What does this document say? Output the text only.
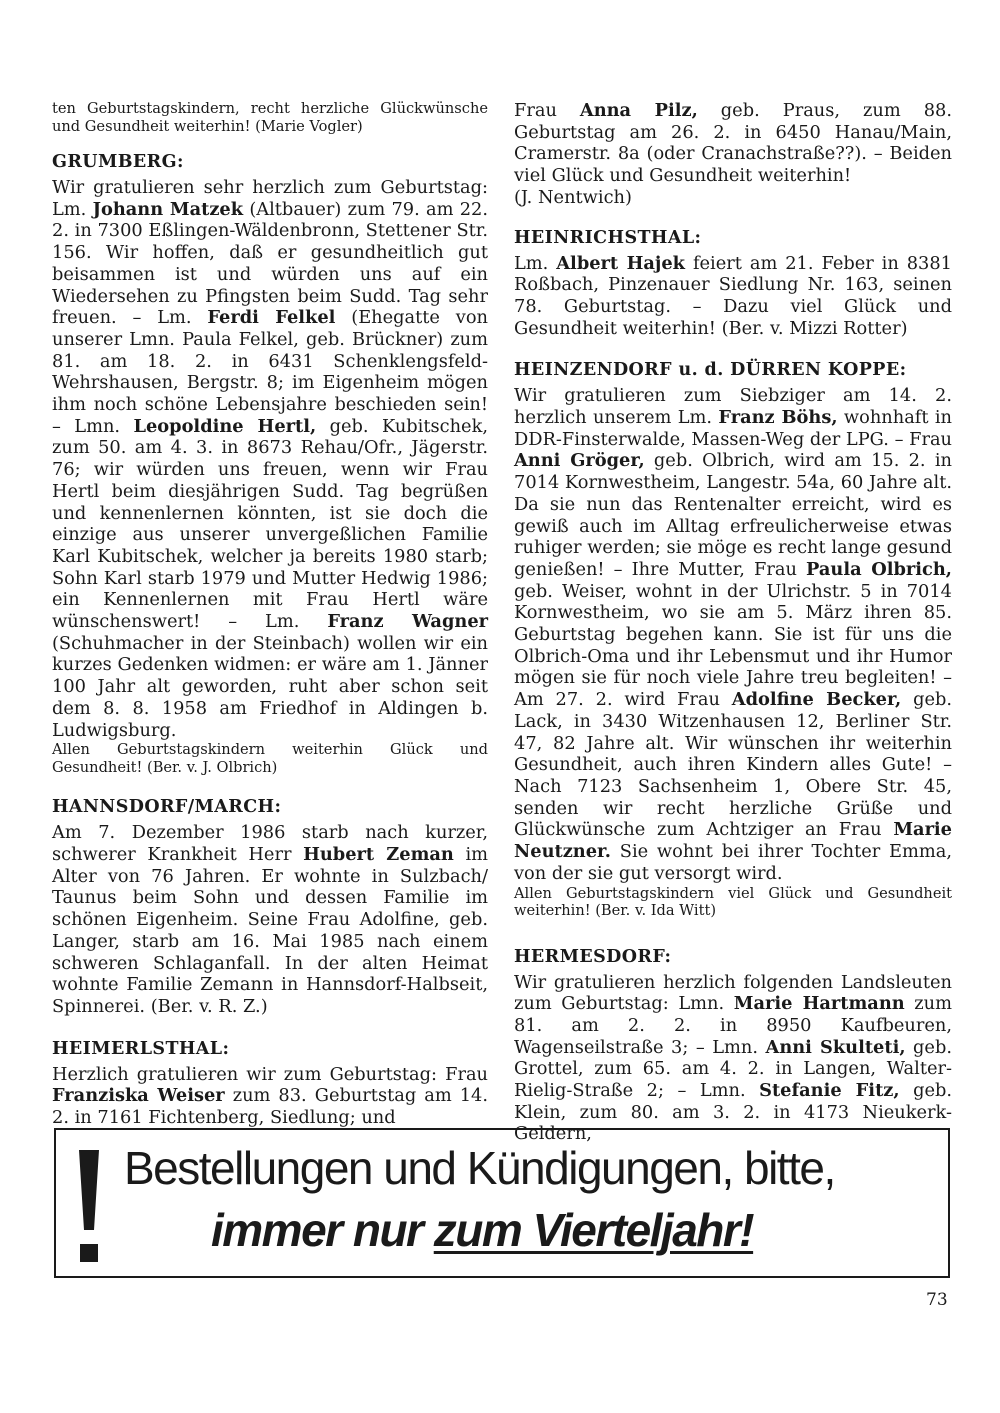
ten Geburtstagskindern, recht herzliche Glückwünsche und Gesundheit weiterhin! (Marie Vogler)

GRUMBERG:

Wir gratulieren sehr herzlich zum Geburtstag: Lm. Johann Matzek (Altbauer) zum 79. am 22. 2. in 7300 Eßlingen-Wäldenbronn, Stettener Str. 156. Wir hoffen, daß er gesundheitlich gut beisammen ist und würden uns auf ein Wiedersehen zu Pfingsten beim Sudd. Tag sehr freuen. – Lm. Ferdi Felkel (Ehegatte von unserer Lmn. Paula Felkel, geb. Brückner) zum 81. am 18. 2. in 6431 Schenklengsfeld-Wehrshausen, Bergstr. 8; im Eigenheim mögen ihm noch schöne Lebensjahre beschieden sein! – Lmn. Leopoldine Hertl, geb. Kubitschek, zum 50. am 4. 3. in 8673 Rehau/Ofr., Jägerstr. 76; wir würden uns freuen, wenn wir Frau Hertl beim diesjährigen Sudd. Tag begrüßen und kennenlernen könnten, ist sie doch die einzige aus unserer unvergeßlichen Familie Karl Kubitschek, welcher ja bereits 1980 starb; Sohn Karl starb 1979 und Mutter Hedwig 1986; ein Kennenlernen mit Frau Hertl wäre wünschenswert! – Lm. Franz Wagner (Schuhmacher in der Steinbach) wollen wir ein kurzes Gedenken widmen: er wäre am 1. Jänner 100 Jahr alt geworden, ruht aber schon seit dem 8. 8. 1958 am Friedhof in Aldingen b. Ludwigsburg.

Allen Geburtstagskindern weiterhin Glück und Gesundheit! (Ber. v. J. Olbrich)

HANNSDORF/MARCH:

Am 7. Dezember 1986 starb nach kurzer, schwerer Krankheit Herr Hubert Zeman im Alter von 76 Jahren. Er wohnte in Sulzbach/ Taunus beim Sohn und dessen Familie im schönen Eigenheim. Seine Frau Adolfine, geb. Langer, starb am 16. Mai 1985 nach einem schweren Schlaganfall. In der alten Heimat wohnte Familie Zemann in Hannsdorf-Halbseit, Spinnerei. (Ber. v. R. Z.)

HEIMERLSTHAL:

Herzlich gratulieren wir zum Geburtstag: Frau Franziska Weiser zum 83. Geburtstag am 14. 2. in 7161 Fichtenberg, Siedlung; und

Frau Anna Pilz, geb. Praus, zum 88. Geburtstag am 26. 2. in 6450 Hanau/Main, Cramerstr. 8a (oder Cranachstraße??). – Beiden viel Glück und Gesundheit weiterhin!

(J. Nentwich)

HEINRICHSTHAL:

Lm. Albert Hajek feiert am 21. Feber in 8381 Roßbach, Pinzenauer Siedlung Nr. 163, seinen 78. Geburtstag. – Dazu viel Glück und Gesundheit weiterhin! (Ber. v. Mizzi Rotter)

HEINZENDORF u. d. DÜRREN KOPPE:

Wir gratulieren zum Siebziger am 14. 2. herzlich unserem Lm. Franz Böhs, wohnhaft in DDR-Finsterwalde, Massen-Weg der LPG. – Frau Anni Gröger, geb. Olbrich, wird am 15. 2. in 7014 Kornwestheim, Langestr. 54a, 60 Jahre alt. Da sie nun das Rentenalter erreicht, wird es gewiß auch im Alltag erfreulicherweise etwas ruhiger werden; sie möge es recht lange gesund genießen! – Ihre Mutter, Frau Paula Olbrich, geb. Weiser, wohnt in der Ulrichstr. 5 in 7014 Kornwestheim, wo sie am 5. März ihren 85. Geburtstag begehen kann. Sie ist für uns die Olbrich-Oma und ihr Lebensmut und ihr Humor mögen sie für noch viele Jahre treu begleiten! – Am 27. 2. wird Frau Adolfine Becker, geb. Lack, in 3430 Witzenhausen 12, Berliner Str. 47, 82 Jahre alt. Wir wünschen ihr weiterhin Gesundheit, auch ihren Kindern alles Gute! – Nach 7123 Sachsenheim 1, Obere Str. 45, senden wir recht herzliche Grüße und Glückwünsche zum Achtziger an Frau Marie Neutzner. Sie wohnt bei ihrer Tochter Emma, von der sie gut versorgt wird.

Allen Geburtstagskindern viel Glück und Gesundheit weiterhin! (Ber. v. Ida Witt)

HERMESDORF:

Wir gratulieren herzlich folgenden Landsleuten zum Geburtstag: Lmn. Marie Hartmann zum 81. am 2. 2. in 8950 Kaufbeuren, Wagenseilstraße 3; – Lmn. Anni Skulteti, geb. Grottel, zum 65. am 4. 2. in Langen, Walter-Rielig-Straße 2; – Lmn. Stefanie Fitz, geb. Klein, zum 80. am 3. 2. in 4173 Nieukerk-Geldern,

Bestellungen und Kündigungen, bitte,
immer nur zum Vierteljahr!
73
